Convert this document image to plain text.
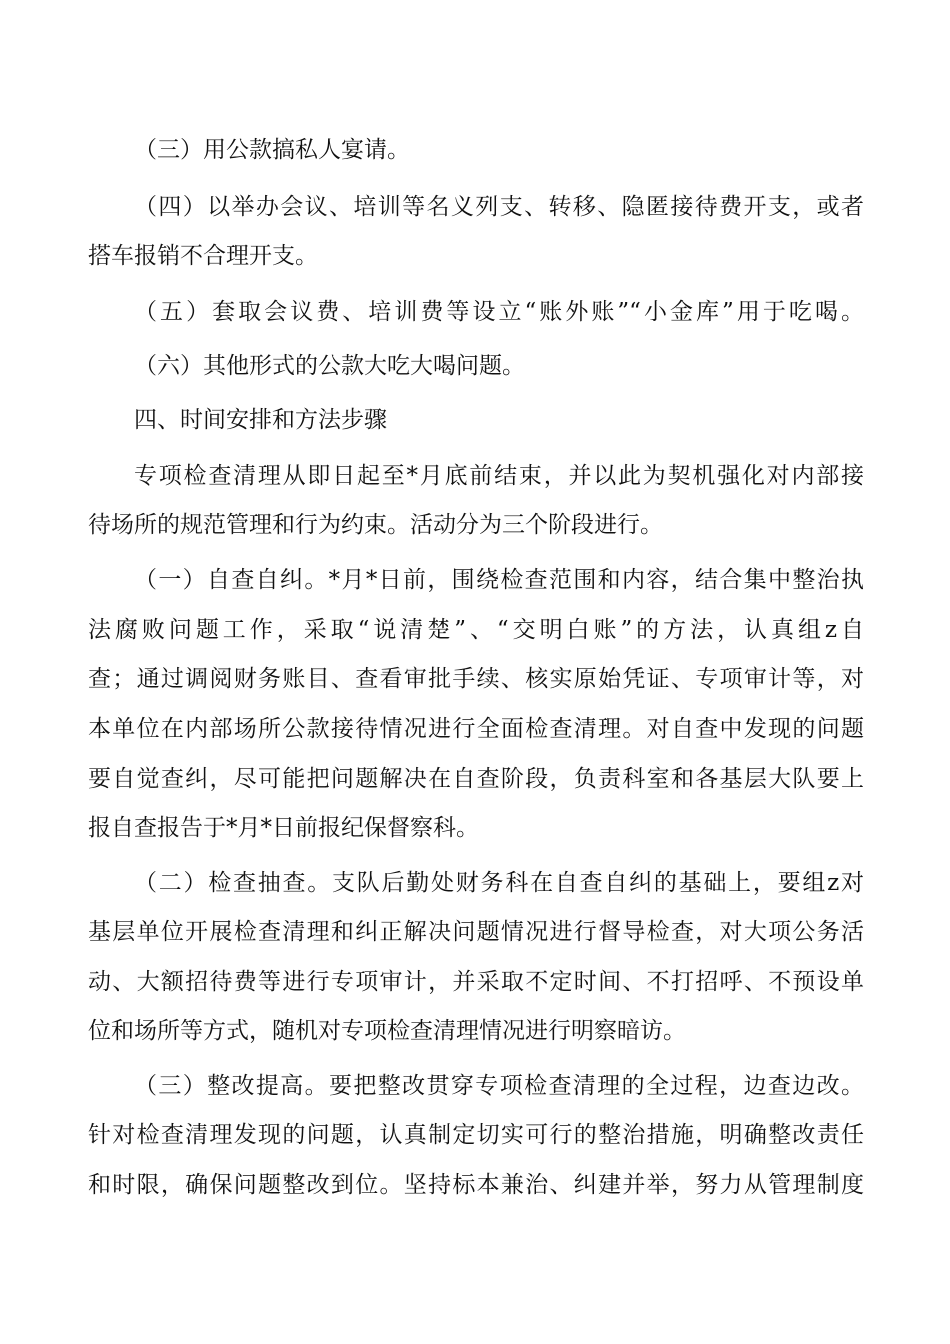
（三）用公款搞私人宴请。
（四）以举办会议、培训等名义列支、转移、隐匿接待费开支，或者
搭车报销不合理开支。
（五）套取会议费、培训费等设立“账外账”“小金库”用于吃喝。
（六）其他形式的公款大吃大喝问题。
四、时间安排和方法步骤
专项检查清理从即日起至*月底前结束，并以此为契机强化对内部接
待场所的规范管理和行为约束。活动分为三个阶段进行。
（一）自查自纠。*月*日前，围绕检查范围和内容，结合集中整治执
法腐败问题工作，采取“说清楚”、“交明白账”的方法，认真组z自
查；通过调阅财务账目、查看审批手续、核实原始凭证、专项审计等，对
本单位在内部场所公款接待情况进行全面检查清理。对自查中发现的问题
要自觉查纠，尽可能把问题解决在自查阶段，负责科室和各基层大队要上
报自查报告于*月*日前报纪保督察科。
（二）检查抽查。支队后勤处财务科在自查自纠的基础上，要组z对
基层单位开展检查清理和纠正解决问题情况进行督导检查，对大项公务活
动、大额招待费等进行专项审计，并采取不定时间、不打招呼、不预设单
位和场所等方式，随机对专项检查清理情况进行明察暗访。
（三）整改提高。要把整改贯穿专项检查清理的全过程，边查边改。
针对检查清理发现的问题，认真制定切实可行的整治措施，明确整改责任
和时限，确保问题整改到位。坚持标本兼治、纠建并举，努力从管理制度
